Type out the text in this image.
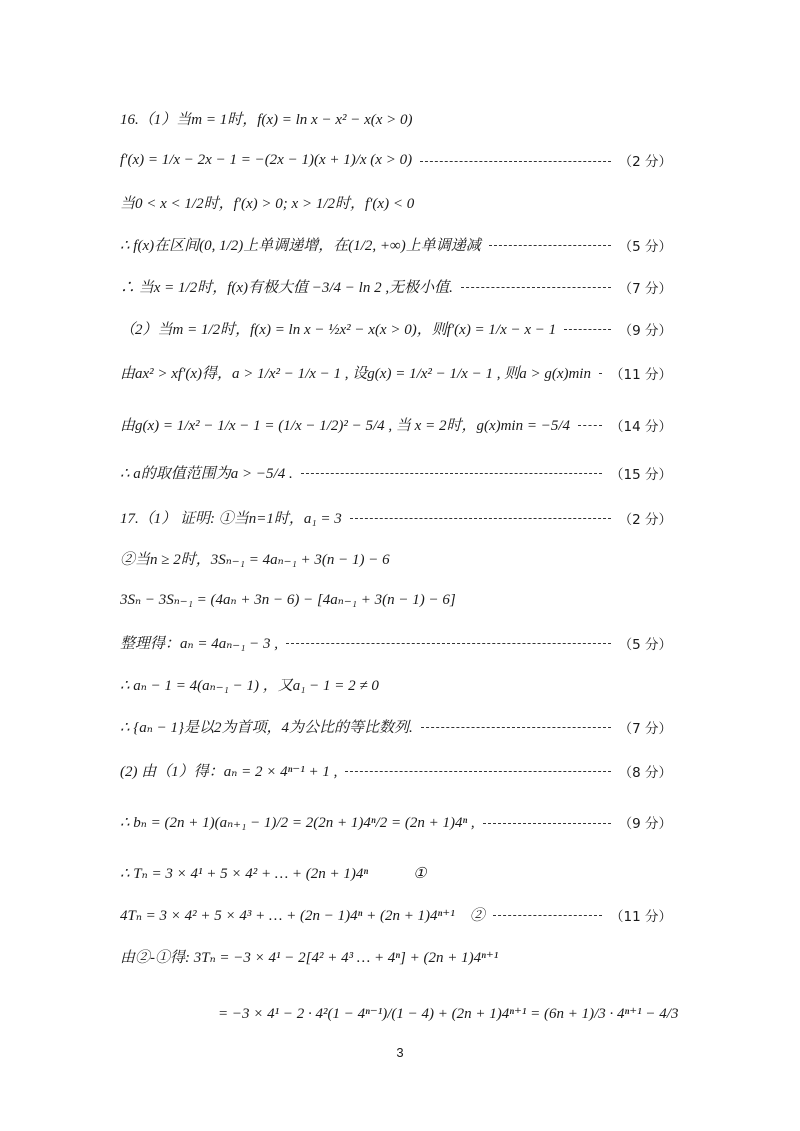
16.（1）当m = 1时，f(x) = ln x − x² − x(x > 0)
f′(x) = 1/x − 2x − 1 = −(2x − 1)(x + 1)/x (x > 0)	（2 分）
当0 < x < 1/2时，f′(x) > 0; x > 1/2时，f′(x) < 0
∴ f(x)在区间(0, 1/2)上单调递增，在(1/2, +∞)上单调递减	（5 分）
∴ 当x = 1/2时，f(x)有极大值 −3/4 − ln 2 ,无极小值.	（7 分）
（2）当m = 1/2时，f(x) = ln x − ½x² − x(x > 0)，则f′(x) = 1/x − x − 1	（9 分）
由ax² > xf′(x)得，a > 1/x² − 1/x − 1 , 设g(x) = 1/x² − 1/x − 1 , 则a > g(x)min （11 分）
由g(x) = 1/x² − 1/x − 1 = (1/x − 1/2)² − 5/4 , 当 x = 2时，g(x)min = −5/4	（14 分）
∴ a的取值范围为a > −5/4 .	（15 分）
17.（1） 证明: ①当n=1时，a₁ = 3	（2 分）
②当n ≥ 2时，3Sₙ₋₁ = 4aₙ₋₁ + 3(n − 1) − 6
3Sₙ − 3Sₙ₋₁ = (4aₙ + 3n − 6) − [4aₙ₋₁ + 3(n − 1) − 6]
整理得：aₙ = 4aₙ₋₁ − 3 ,	（5 分）
∴ aₙ − 1 = 4(aₙ₋₁ − 1) ，又a₁ − 1 = 2 ≠ 0
∴ {aₙ − 1}是以2为首项，4为公比的等比数列.	（7 分）
(2) 由（1）得：aₙ = 2 × 4ⁿ⁻¹ + 1 ,	（8 分）
∴ bₙ = (2n + 1)(aₙ₊₁ − 1)/2 = 2(2n + 1)4ⁿ/2 = (2n + 1)4ⁿ ,	（9 分）
∴ Tₙ = 3 × 4¹ + 5 × 4² + … + (2n + 1)4ⁿ　　　①
4Tₙ = 3 × 4² + 5 × 4³ + … + (2n − 1)4ⁿ + (2n + 1)4ⁿ⁺¹　②	（11 分）
由②-①得: 3Tₙ = −3 × 4¹ − 2[4² + 4³ … + 4ⁿ] + (2n + 1)4ⁿ⁺¹
= −3 × 4¹ − 2 · 4²(1 − 4ⁿ⁻¹)/(1 − 4) + (2n + 1)4ⁿ⁺¹ = (6n + 1)/3 · 4ⁿ⁺¹ − 4/3
3
